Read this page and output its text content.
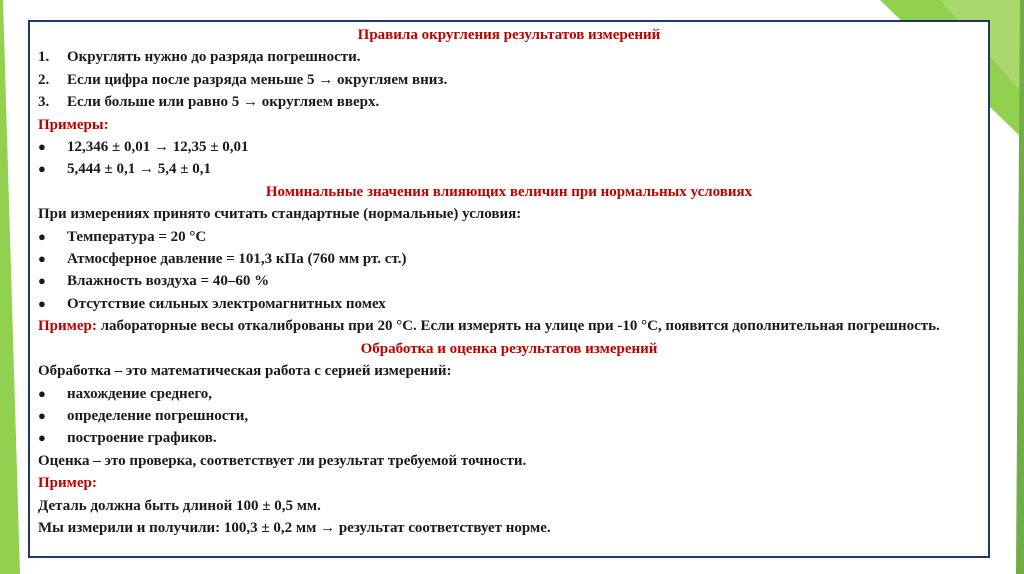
Правила округления результатов измерений
1. Округлять нужно до разряда погрешности.
2. Если цифра после разряда меньше 5 → округляем вниз.
3. Если больше или равно 5 → округляем вверх.
Примеры:
● 12,346 ± 0,01 → 12,35 ± 0,01
● 5,444 ± 0,1 → 5,4 ± 0,1
Номинальные значения влияющих величин при нормальных условиях
При измерениях принято считать стандартные (нормальные) условия:
● Температура = 20 °С
● Атмосферное давление = 101,3 кПа (760 мм рт. ст.)
● Влажность воздуха = 40–60 %
● Отсутствие сильных электромагнитных помех
Пример: лабораторные весы откалиброваны при 20 °С. Если измерять на улице при -10 °С, появится дополнительная погрешность.
Обработка и оценка результатов измерений
Обработка – это математическая работа с серией измерений:
● нахождение среднего,
● определение погрешности,
● построение графиков.
Оценка – это проверка, соответствует ли результат требуемой точности.
Пример:
Деталь должна быть длиной 100 ± 0,5 мм.
Мы измерили и получили: 100,3 ± 0,2 мм → результат соответствует норме.
